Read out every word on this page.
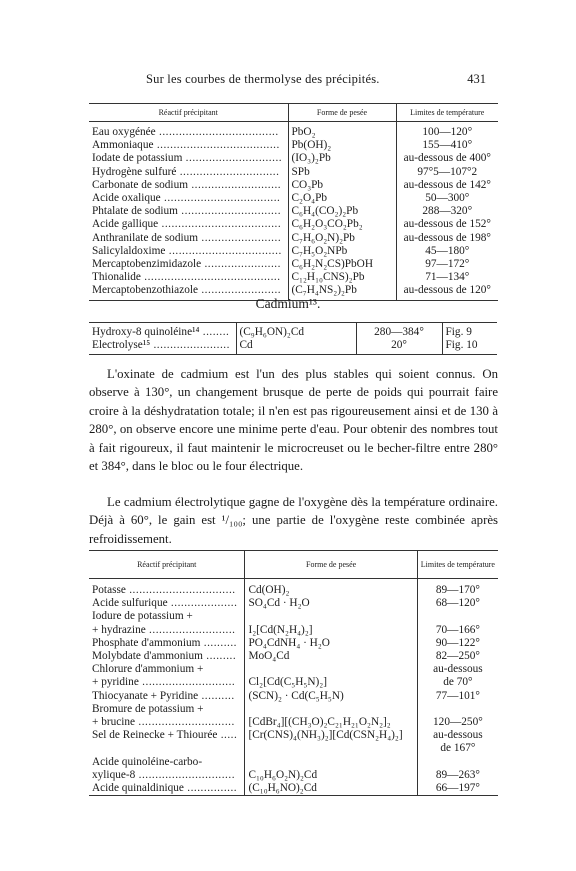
Sur les courbes de thermolyse des précipités.	431
Réactif précipitant	Forme de pesée	Limites de température
Eau oxygénée ....................................	PbO₂	100—120°
Ammoniaque .....................................	Pb(OH)₂	155—410°
Iodate de potassium .............................	(IO₃)₂Pb	au-dessous de 400°
Hydrogène sulfuré ..............................	SPb	97°5—107°2
Carbonate de sodium ...........................	CO₃Pb	au-dessous de 142°
Acide oxalique ...................................	C₂O₄Pb	50—300°
Phtalate de sodium ..............................	C₆H₄(CO₂)₂Pb	288—320°
Acide gallique ....................................	C₆H₂O₃CO₂Pb₂	au-dessous de 152°
Anthranilate de sodium ........................	C₇H₆O₂N)₂Pb	au-dessous de 198°
Salicylaldoxime ..................................	C₇H₅O₂NPb	45—180°
Mercaptobenzimidazole .......................	C₆H₂N₂CS)PbOH	97—172°
Thionalide .........................................	C₁₂H₁₀CNS)₂Pb	71—134°
Mercaptobenzothiazole ........................	(C₇H₄NS₂)₂Pb	au-dessous de 120°
Cadmium¹³.
Hydroxy-8 quinoléine¹⁴ ........	(C₉H₆ON)₂Cd	280—384°	Fig. 9
Electrolyse¹⁵ .......................	Cd	20°	Fig. 10

L'oxinate de cadmium est l'un des plus stables qui soient connus. On observe à 130°, un changement brusque de perte de poids qui pourrait faire croire à la déshydratation totale; il n'en est pas rigoureusement ainsi et de 130 à 280°, on observe encore une minime perte d'eau. Pour obtenir des nombres tout à fait rigoureux, il faut maintenir le microcreuset ou le becher-filtre entre 280° et 384°, dans le bloc ou le four électrique.

Le cadmium électrolytique gagne de l'oxygène dès la température ordinaire. Déjà à 60°, le gain est ¹/₁₀₀; une partie de l'oxygène reste combinée après refroidissement.

Réactif précipitant	Forme de pesée	Limites de température
Potasse ................................	Cd(OH)₂	89—170°
Acide sulfurique ....................	SO₄Cd · H₂O	68—120°
Iodure de potassium +		
+ hydrazine ..........................	I₂[Cd(N₂H₄)₂]	70—166°
Phosphate d'ammonium ..........	PO₄CdNH₄ · H₂O	90—122°
Molybdate d'ammonium .........	MoO₄Cd	82—250°
Chlorure d'ammonium +		au-dessous
+ pyridine ............................	Cl₂[Cd(C₅H₅N)₂]	de 70°
Thiocyanate + Pyridine ..........	(SCN)₂ · Cd(C₅H₅N)	77—101°
Bromure de potassium +		
+ brucine .............................	[CdBr₄][(CH₃O)₂C₂₁H₂₁O₂N₂]₂	120—250°
Sel de Reinecke + Thiourée .....	[Cr(CNS)₄(NH₃)₂][Cd(CSN₂H₄)₂]	au-dessous
		de 167°
Acide quinoléine-carbo-		
xylique-8 .............................	C₁₀H₆O₂N)₂Cd	89—263°
Acide quinaldinique ...............	(C₁₀H₆NO)₂Cd	66—197°
